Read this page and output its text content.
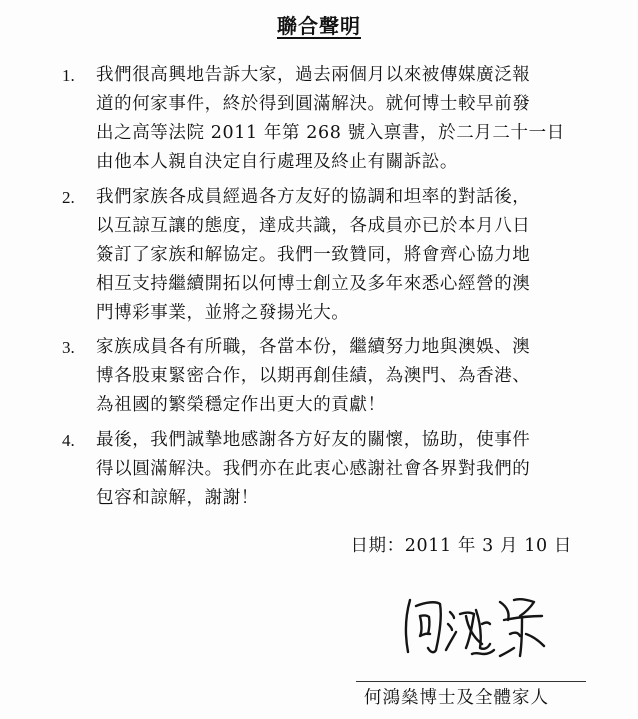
聯合聲明
1. 我們很高興地告訴大家，過去兩個月以來被傳媒廣泛報
道的何家事件，終於得到圓滿解決。就何博士較早前發
出之高等法院 2011 年第 268 號入禀書，於二月二十一日
由他本人親自決定自行處理及終止有關訴訟。
2. 我們家族各成員經過各方友好的協調和坦率的對話後，
以互諒互讓的態度，達成共識，各成員亦已於本月八日
簽訂了家族和解協定。我們一致贊同，將會齊心協力地
相互支持繼續開拓以何博士創立及多年來悉心經營的澳
門博彩事業，並將之發揚光大。
3. 家族成員各有所職，各當本份，繼續努力地與澳娛、澳
博各股東緊密合作，以期再創佳績，為澳門、為香港、
為祖國的繁榮穩定作出更大的貢獻！
4. 最後，我們誠摯地感謝各方好友的關懷，協助，使事件
得以圓滿解決。我們亦在此衷心感謝社會各界對我們的
包容和諒解，謝謝！
日期：2011 年 3 月 10 日
何鴻燊博士及全體家人
